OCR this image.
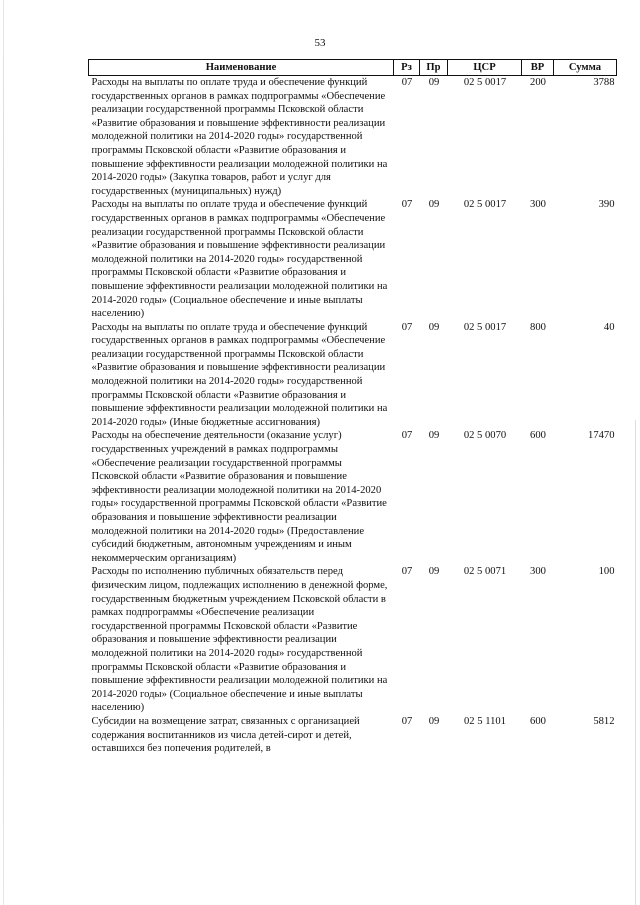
53
Наименование	Рз	Пр	ЦСР	ВР	Сумма
Расходы на выплаты по оплате труда и обеспечение функций государственных органов в рамках подпрограммы «Обеспечение реализации государственной программы Псковской области «Развитие образования и повышение эффективности реализации молодежной политики на 2014-2020 годы» государственной программы Псковской области «Развитие образования и повышение эффективности реализации молодежной политики на 2014-2020 годы» (Закупка товаров, работ и услуг для государственных (муниципальных) нужд)	07	09	02 5 0017	200	3788
Расходы на выплаты по оплате труда и обеспечение функций государственных органов в рамках подпрограммы «Обеспечение реализации государственной программы Псковской области «Развитие образования и повышение эффективности реализации молодежной политики на 2014-2020 годы» государственной программы Псковской области «Развитие образования и повышение эффективности реализации молодежной политики на 2014-2020 годы» (Социальное обеспечение и иные выплаты населению)	07	09	02 5 0017	300	390
Расходы на выплаты по оплате труда и обеспечение функций государственных органов в рамках подпрограммы «Обеспечение реализации государственной программы Псковской области «Развитие образования и повышение эффективности реализации молодежной политики на 2014-2020 годы» государственной программы Псковской области «Развитие образования и повышение эффективности реализации молодежной политики на 2014-2020 годы» (Иные бюджетные ассигнования)	07	09	02 5 0017	800	40
Расходы на обеспечение деятельности (оказание услуг) государственных учреждений в рамках подпрограммы «Обеспечение реализации государственной программы Псковской области «Развитие образования и повышение эффективности реализации молодежной политики на 2014-2020 годы» государственной программы Псковской области «Развитие образования и повышение эффективности реализации молодежной политики на 2014-2020 годы» (Предоставление субсидий бюджетным, автономным учреждениям и иным некоммерческим организациям)	07	09	02 5 0070	600	17470
Расходы по исполнению публичных обязательств перед физическим лицом, подлежащих исполнению в денежной форме, государственным бюджетным учреждением Псковской области в рамках подпрограммы «Обеспечение реализации государственной программы Псковской области «Развитие образования и повышение эффективности реализации молодежной политики на 2014-2020 годы» государственной программы Псковской области «Развитие образования и повышение эффективности реализации молодежной политики на 2014-2020 годы» (Социальное обеспечение и иные выплаты населению)	07	09	02 5 0071	300	100
Субсидии на возмещение затрат, связанных с организацией содержания воспитанников из числа детей-сирот и детей, оставшихся без попечения родителей, в	07	09	02 5 1101	600	5812
